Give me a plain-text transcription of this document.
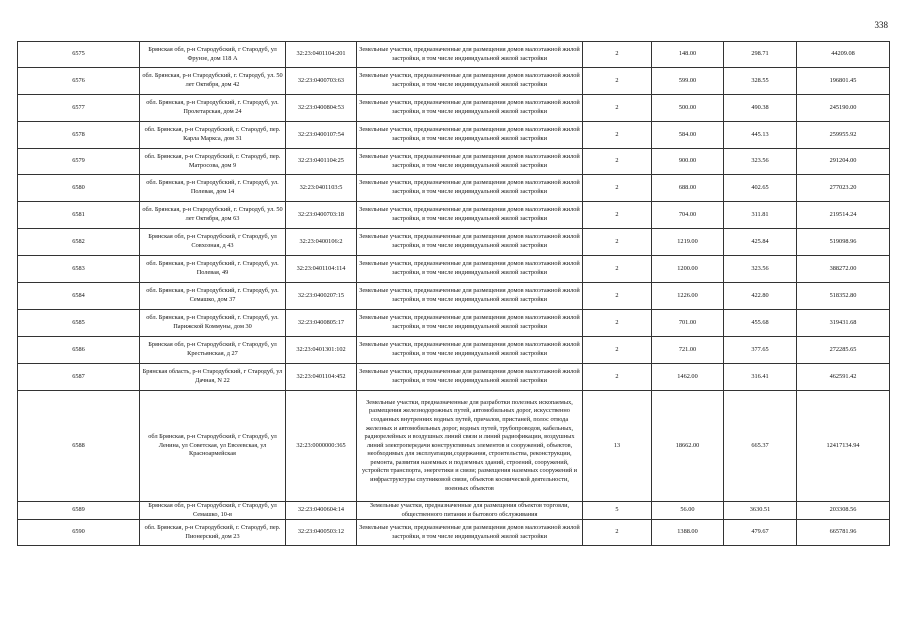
338
6575	Брянская обл, р-н Стародубский, г Стародуб, ул Фрунзе, дом 118 А	32:23:0401104:201	Земельные участки, предназначенные для размещения домов малоэтажной жилой застройки, в том числе индивидуальной жилой застройки	2	148.00	298.71	44209.08
6576	обл. Брянская, р-н Стародубский, г. Стародуб, ул. 50 лет Октября, дом 42	32:23:0400703:63	Земельные участки, предназначенные для размещения домов малоэтажной жилой застройки, в том числе индивидуальной жилой застройки	2	599.00	328.55	196801.45
6577	обл. Брянская, р-н Стародубский, г. Стародуб, ул. Пролетарская, дом 24	32:23:0400804:53	Земельные участки, предназначенные для размещения домов малоэтажной жилой застройки, в том числе индивидуальной жилой застройки	2	500.00	490.38	245190.00
6578	обл. Брянская, р-н Стародубский, г. Стародуб, пер. Карла Маркса, дом 31	32:23:0400107:54	Земельные участки, предназначенные для размещения домов малоэтажной жилой застройки, в том числе индивидуальной жилой застройки	2	584.00	445.13	259955.92
6579	обл. Брянская, р-н Стародубский, г. Стародуб, пер. Матросова, дом 9	32:23:0401104:25	Земельные участки, предназначенные для размещения домов малоэтажной жилой застройки, в том числе индивидуальной жилой застройки	2	900.00	323.56	291204.00
6580	обл. Брянская, р-н Стародубский, г. Стародуб, ул. Полевая, дом 14	32:23:0401103:5	Земельные участки, предназначенные для размещения домов малоэтажной жилой застройки, в том числе индивидуальной жилой застройки	2	688.00	402.65	277023.20
6581	обл. Брянская, р-н Стародубский, г. Стародуб, ул. 50 лет Октября, дом 63	32:23:0400703:18	Земельные участки, предназначенные для размещения домов малоэтажной жилой застройки, в том числе индивидуальной жилой застройки	2	704.00	311.81	219514.24
6582	Брянская обл, р-н Стародубский, г Стародуб, ул Совхозная, д 43	32:23:0400106:2	Земельные участки, предназначенные для размещения домов малоэтажной жилой застройки, в том числе индивидуальной жилой застройки	2	1219.00	425.84	519098.96
6583	обл. Брянская, р-н Стародубский, г. Стародуб, ул. Полевая, 49	32:23:0401104:114	Земельные участки, предназначенные для размещения домов малоэтажной жилой застройки, в том числе индивидуальной жилой застройки	2	1200.00	323.56	388272.00
6584	обл. Брянская, р-н Стародубский, г. Стародуб, ул. Семашко, дом 37	32:23:0400207:15	Земельные участки, предназначенные для размещения домов малоэтажной жилой застройки, в том числе индивидуальной жилой застройки	2	1226.00	422.80	518352.80
6585	обл. Брянская, р-н Стародубский, г. Стародуб, ул. Парижской Коммуны, дом 30	32:23:0400805:17	Земельные участки, предназначенные для размещения домов малоэтажной жилой застройки, в том числе индивидуальной жилой застройки	2	701.00	455.68	319431.68
6586	Брянская обл, р-н Стародубский, г Стародуб, ул Крестьянская, д 27	32:23:0401301:102	Земельные участки, предназначенные для размещения домов малоэтажной жилой застройки, в том числе индивидуальной жилой застройки	2	721.00	377.65	272285.65
6587	Брянская область, р-н Стародубский, г Стародуб, ул Дачная, N 22	32:23:0401104:452	Земельные участки, предназначенные для размещения домов малоэтажной жилой застройки, в том числе индивидуальной жилой застройки	2	1462.00	316.41	462591.42
6588	обл Брянская, р-н Стародубский, г Стародуб, ул Ленина, ул Советская, ул Евсеевская, ул Красноармейская	32:23:0000000:365	Земельные участки, предназначенные для разработки полезных ископаемых, размещения железнодорожных путей, автомобильных дорог, искусственно созданных внутренних водных путей, причалов, пристаней, полос отвода железных и автомобильных дорог, водных путей, трубопроводов, кабельных, радиорелейных и воздушных линий связи и линий радиофикации, воздушных линий электропередачи конструктивных элементов и сооружений, объектов, необходимых для эксплуатации,содержания, строительства, реконструкции, ремонта, развития наземных и подземных зданий, строений, сооружений, устройств транспорта, энергетики и связи; размещения наземных сооружений и инфраструктуры спутниковой связи, объектов космической деятельности, военных объектов	13	18662.00	665.37	12417134.94
6589	Брянская обл, р-н Стародубский, г Стародуб, ул Семашко, 10-в	32:23:0400604:14	Земельные участки, предназначенные для размещения объектов торговли, общественного питания и бытового обслуживания	5	56.00	3630.51	203308.56
6590	обл. Брянская, р-н Стародубский, г. Стародуб, пер. Пионерский, дом 23	32:23:0400503:12	Земельные участки, предназначенные для размещения домов малоэтажной жилой застройки, в том числе индивидуальной жилой застройки	2	1388.00	479.67	665781.96
